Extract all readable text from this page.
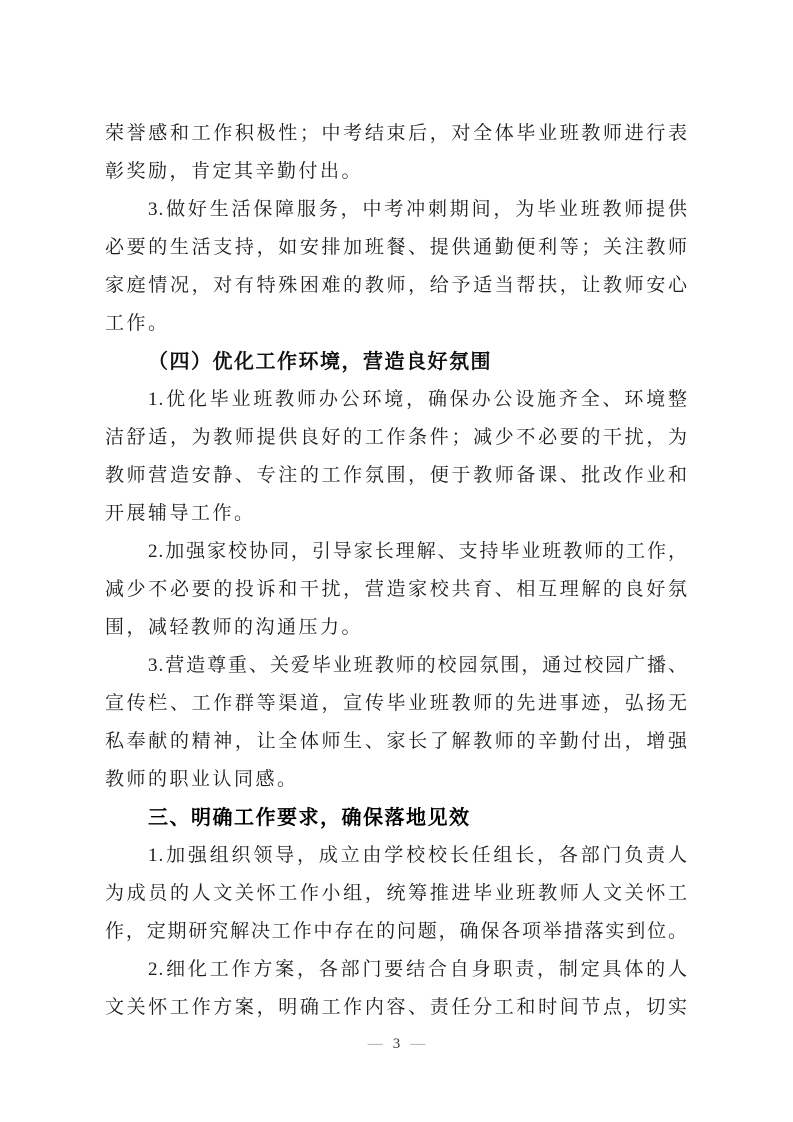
荣誉感和工作积极性；中考结束后，对全体毕业班教师进行表
彰奖励，肯定其辛勤付出。
3.做好生活保障服务，中考冲刺期间，为毕业班教师提供
必要的生活支持，如安排加班餐、提供通勤便利等；关注教师
家庭情况，对有特殊困难的教师，给予适当帮扶，让教师安心
工作。
（四）优化工作环境，营造良好氛围
1.优化毕业班教师办公环境，确保办公设施齐全、环境整
洁舒适，为教师提供良好的工作条件；减少不必要的干扰，为
教师营造安静、专注的工作氛围，便于教师备课、批改作业和
开展辅导工作。
2.加强家校协同，引导家长理解、支持毕业班教师的工作，
减少不必要的投诉和干扰，营造家校共育、相互理解的良好氛
围，减轻教师的沟通压力。
3.营造尊重、关爱毕业班教师的校园氛围，通过校园广播、
宣传栏、工作群等渠道，宣传毕业班教师的先进事迹，弘扬无
私奉献的精神，让全体师生、家长了解教师的辛勤付出，增强
教师的职业认同感。
三、明确工作要求，确保落地见效
1.加强组织领导，成立由学校校长任组长，各部门负责人
为成员的人文关怀工作小组，统筹推进毕业班教师人文关怀工
作，定期研究解决工作中存在的问题，确保各项举措落实到位。
2.细化工作方案，各部门要结合自身职责，制定具体的人
文关怀工作方案，明确工作内容、责任分工和时间节点，切实
— 3 —
